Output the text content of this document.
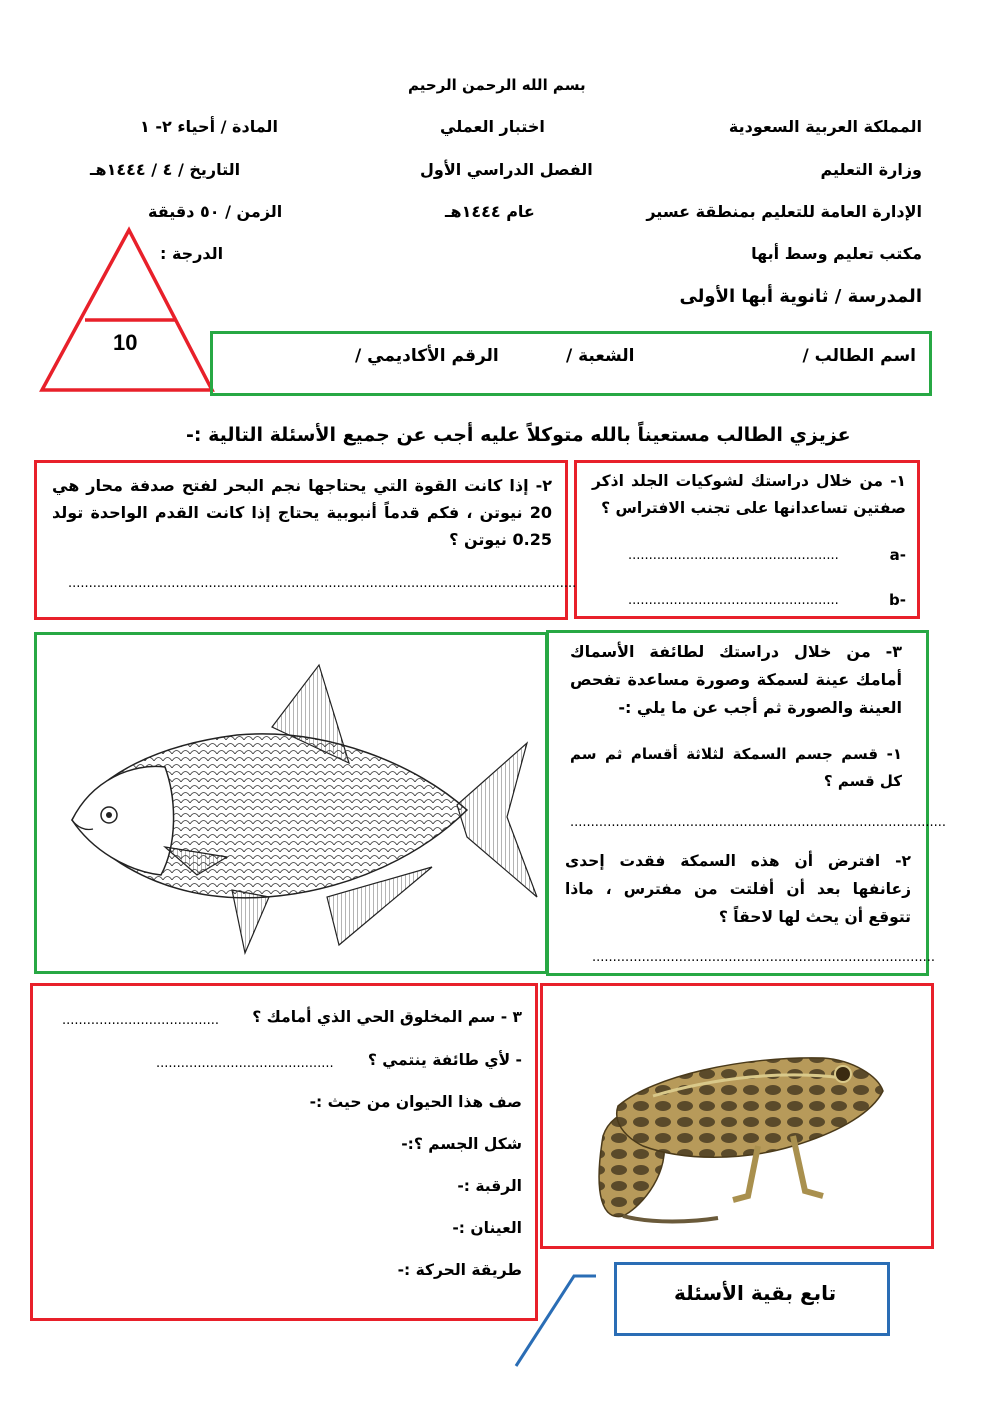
بسم الله الرحمن الرحيم
المملكة العربية السعودية
اختبار العملي
المادة / أحياء ٢- ١
وزارة التعليم
الفصل الدراسي الأول
التاريخ / ٤ / ١٤٤٤هـ
الإدارة العامة للتعليم بمنطقة عسير
عام ١٤٤٤هـ
الزمن / ٥٠ دقيقة
مكتب تعليم وسط أبها
الدرجة :
المدرسة / ثانوية أبها الأولى
10
اسم الطالب /
الشعبة /
الرقم الأكاديمي /
عزيزي الطالب مستعيناً بالله متوكلاً عليه أجب عن جميع الأسئلة التالية :-
١- من خلال دراستك لشوكيات الجلد اذكر صفتين تساعدانها على تجنب الافتراس ؟
-a
...................................................
-b
...................................................
٢- إذا كانت القوة التي يحتاجها نجم البحر لفتح صدفة محار هي 20 نيوتن ، فكم قدماً أنبوبية يحتاج إذا كانت القدم الواحدة تولد 0.25 نيوتن ؟
...........................................................................................................................
٣- من خلال دراستك لطائفة الأسماك أمامك عينة لسمكة وصورة مساعدة تفحص العينة والصورة ثم أجب عن ما يلي :-
١- قسم جسم السمكة لثلاثة أقسام ثم سم كل قسم ؟
...........................................................................................
٢- افترض أن هذه السمكة فقدت إحدى زعانفها بعد أن أفلتت من مفترس ، ماذا تتوقع أن يحث لها لاحقاً ؟
...................................................................................
٣ - سم المخلوق الحي الذي أمامك ؟
......................................
- لأي طائفة ينتمي ؟
...........................................
صف هذا الحيوان من حيث :-
شكل الجسم ؟:-
الرقبة :-
العينان :-
طريقة الحركة :-
تابع بقية الأسئلة
